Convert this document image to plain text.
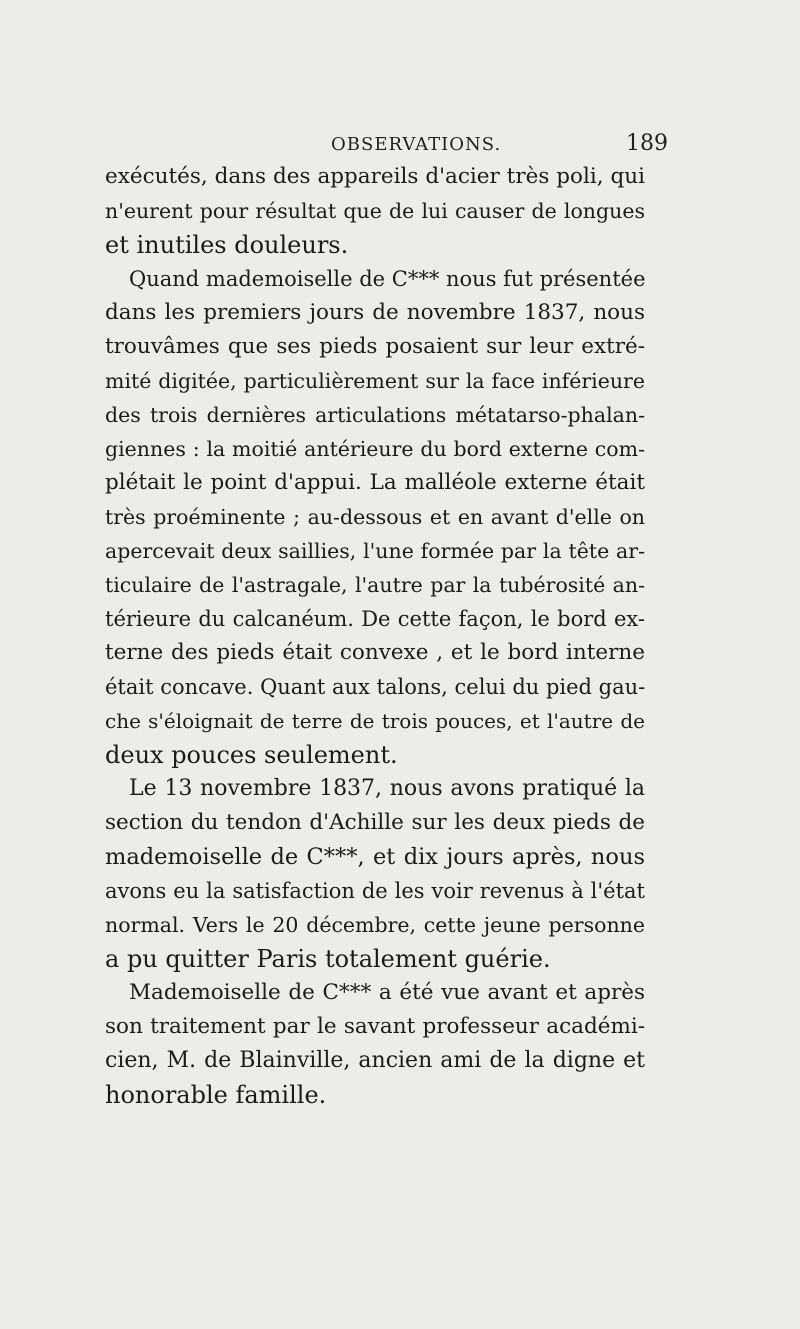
OBSERVATIONS.	189
exécutés, dans des appareils d'acier très poli, qui
n'eurent pour résultat que de lui causer de longues
et inutiles douleurs.
Quand mademoiselle de C*** nous fut présentée
dans les premiers jours de novembre 1837, nous
trouvâmes que ses pieds posaient sur leur extré-
mité digitée, particulièrement sur la face inférieure
des trois dernières articulations métatarso-phalan-
giennes : la moitié antérieure du bord externe com-
plétait le point d'appui. La malléole externe était
très proéminente ; au-dessous et en avant d'elle on
apercevait deux saillies, l'une formée par la tête ar-
ticulaire de l'astragale, l'autre par la tubérosité an-
térieure du calcanéum. De cette façon, le bord ex-
terne des pieds était convexe , et le bord interne
était concave. Quant aux talons, celui du pied gau-
che s'éloignait de terre de trois pouces, et l'autre de
deux pouces seulement.
Le 13 novembre 1837, nous avons pratiqué la
section du tendon d'Achille sur les deux pieds de
mademoiselle de C***, et dix jours après, nous
avons eu la satisfaction de les voir revenus à l'état
normal. Vers le 20 décembre, cette jeune personne
a pu quitter Paris totalement guérie.
Mademoiselle de C*** a été vue avant et après
son traitement par le savant professeur académi-
cien, M. de Blainville, ancien ami de la digne et
honorable famille.
